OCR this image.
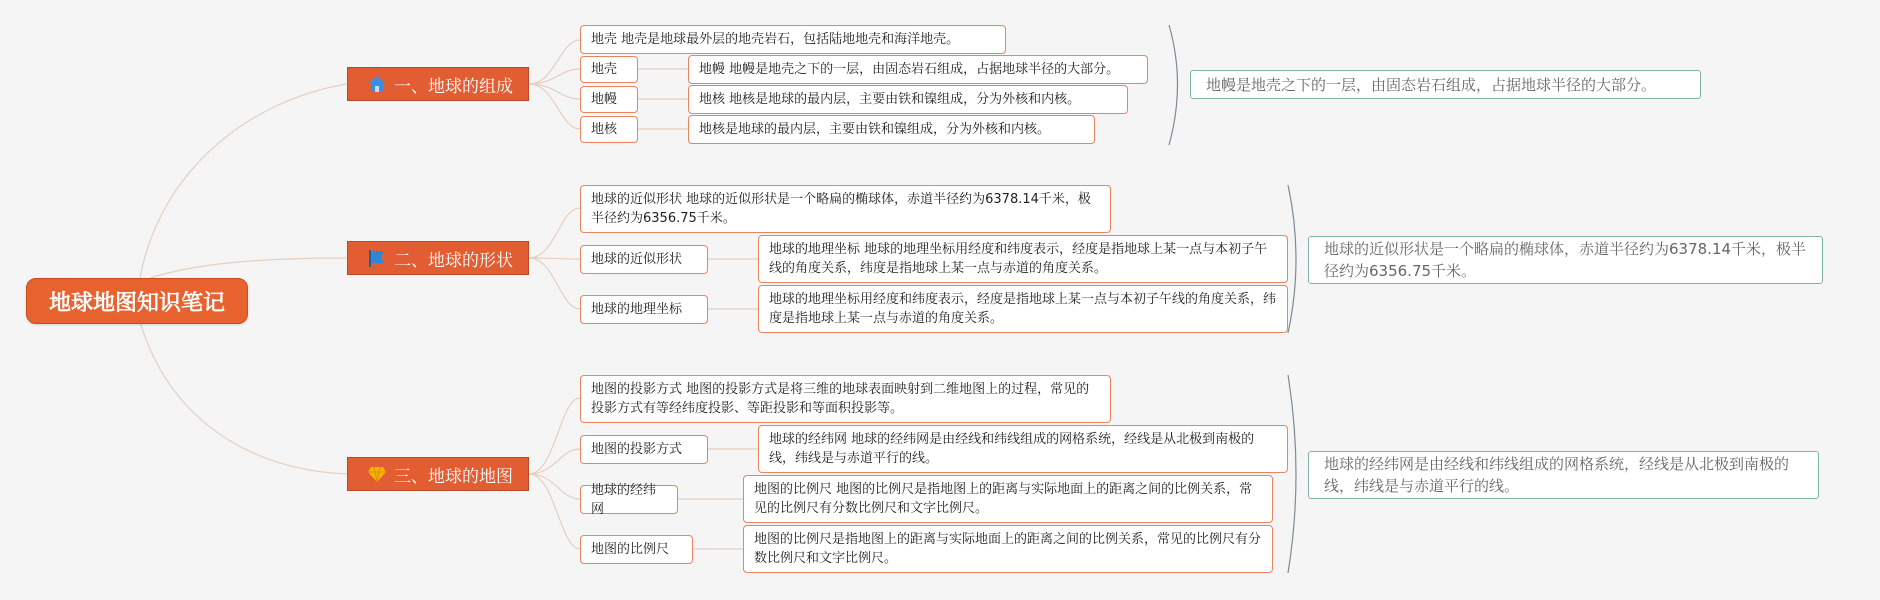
地球地图知识笔记
一、地球的组成
地壳 地壳是地球最外层的地壳岩石，包括陆地地壳和海洋地壳。
地壳
地幔
地核
地幔 地幔是地壳之下的一层，由固态岩石组成，占据地球半径的大部分。
地核 地核是地球的最内层，主要由铁和镍组成，分为外核和内核。
地核是地球的最内层，主要由铁和镍组成，分为外核和内核。
地幔是地壳之下的一层，由固态岩石组成，占据地球半径的大部分。
二、地球的形状
地球的近似形状 地球的近似形状是一个略扁的椭球体，赤道半径约为6378.14千米，极半径约为6356.75千米。
地球的近似形状
地球的地理坐标
地球的地理坐标 地球的地理坐标用经度和纬度表示，经度是指地球上某一点与本初子午线的角度关系，纬度是指地球上某一点与赤道的角度关系。
地球的地理坐标用经度和纬度表示，经度是指地球上某一点与本初子午线的角度关系，纬度是指地球上某一点与赤道的角度关系。
地球的近似形状是一个略扁的椭球体，赤道半径约为6378.14千米，极半径约为6356.75千米。
三、地球的地图
地图的投影方式 地图的投影方式是将三维的地球表面映射到二维地图上的过程，常见的投影方式有等经纬度投影、等距投影和等面积投影等。
地图的投影方式
地球的经纬网
地图的比例尺
地球的经纬网 地球的经纬网是由经线和纬线组成的网格系统，经线是从北极到南极的线，纬线是与赤道平行的线。
地图的比例尺 地图的比例尺是指地图上的距离与实际地面上的距离之间的比例关系，常见的比例尺有分数比例尺和文字比例尺。
地图的比例尺是指地图上的距离与实际地面上的距离之间的比例关系，常见的比例尺有分数比例尺和文字比例尺。
地球的经纬网是由经线和纬线组成的网格系统，经线是从北极到南极的线，纬线是与赤道平行的线。
